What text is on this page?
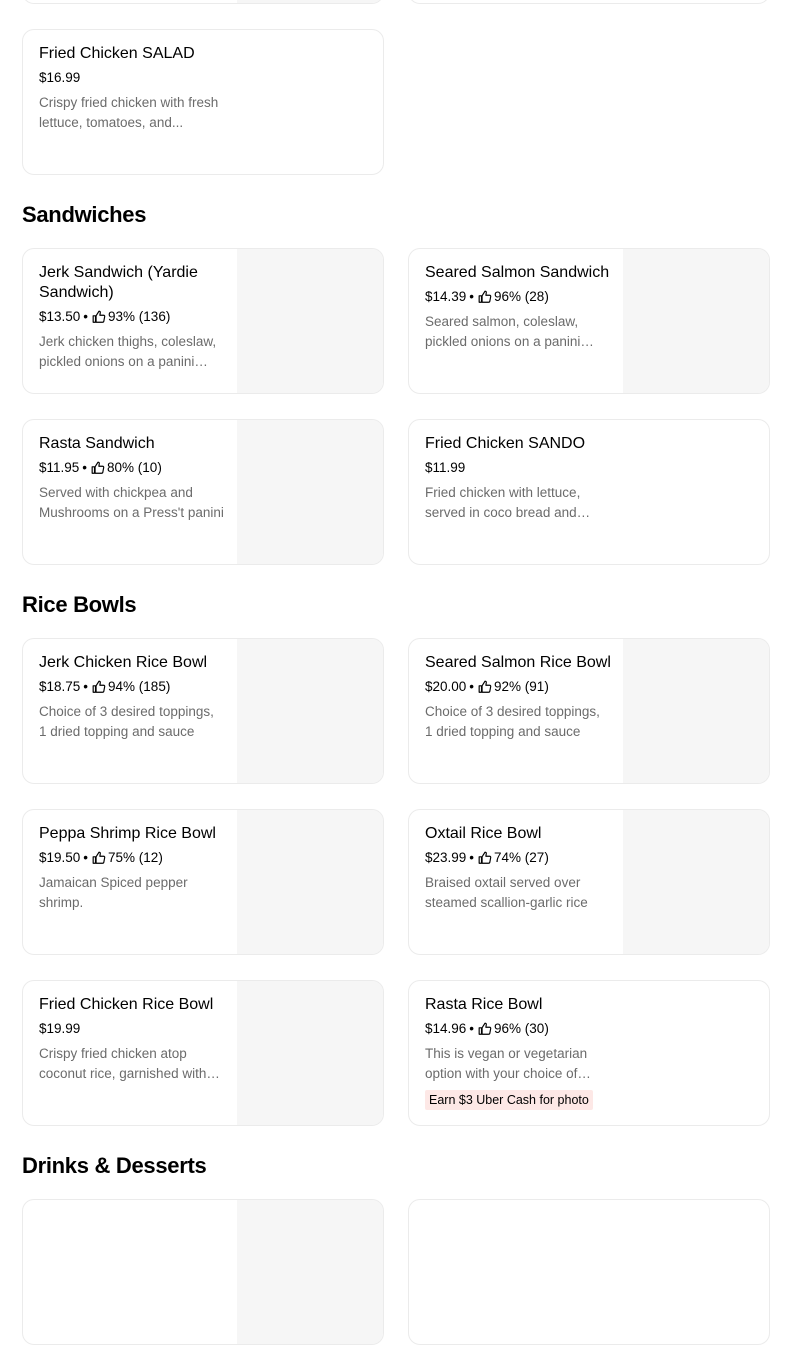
Fried Chicken SALAD

$16.99
Crispy fried chicken with fresh lettuce, tomatoes, and...
Sandwiches

Jerk Sandwich (Yardie Sandwich)

$13.50 • 93% (136)
Jerk chicken thighs, coleslaw, pickled onions on a panini

Seared Salmon Sandwich

$14.39 • 96% (28)
Seared salmon, coleslaw, pickled onions on a panini

Rasta Sandwich

$11.95 • 80% (10)
Served with chickpea and Mushrooms on a Press't panini

Fried Chicken SANDO

$11.99
Fried chicken with lettuce, served in coco bread and
Rice Bowls

Jerk Chicken Rice Bowl

$18.75 • 94% (185)
Choice of 3 desired toppings, 1 dried topping and sauce

Seared Salmon Rice Bowl

$20.00 • 92% (91)
Choice of 3 desired toppings, 1 dried topping and sauce

Peppa Shrimp Rice Bowl

$19.50 • 75% (12)
Jamaican Spiced pepper shrimp.

Oxtail Rice Bowl

$23.99 • 74% (27)
Braised oxtail served over steamed scallion-garlic rice

Fried Chicken Rice Bowl

$19.99
Crispy fried chicken atop coconut rice, garnished with

Rasta Rice Bowl

$14.96 • 96% (30)
This is vegan or vegetarian option with your choice of
Earn $3 Uber Cash for photo
Drinks & Desserts
